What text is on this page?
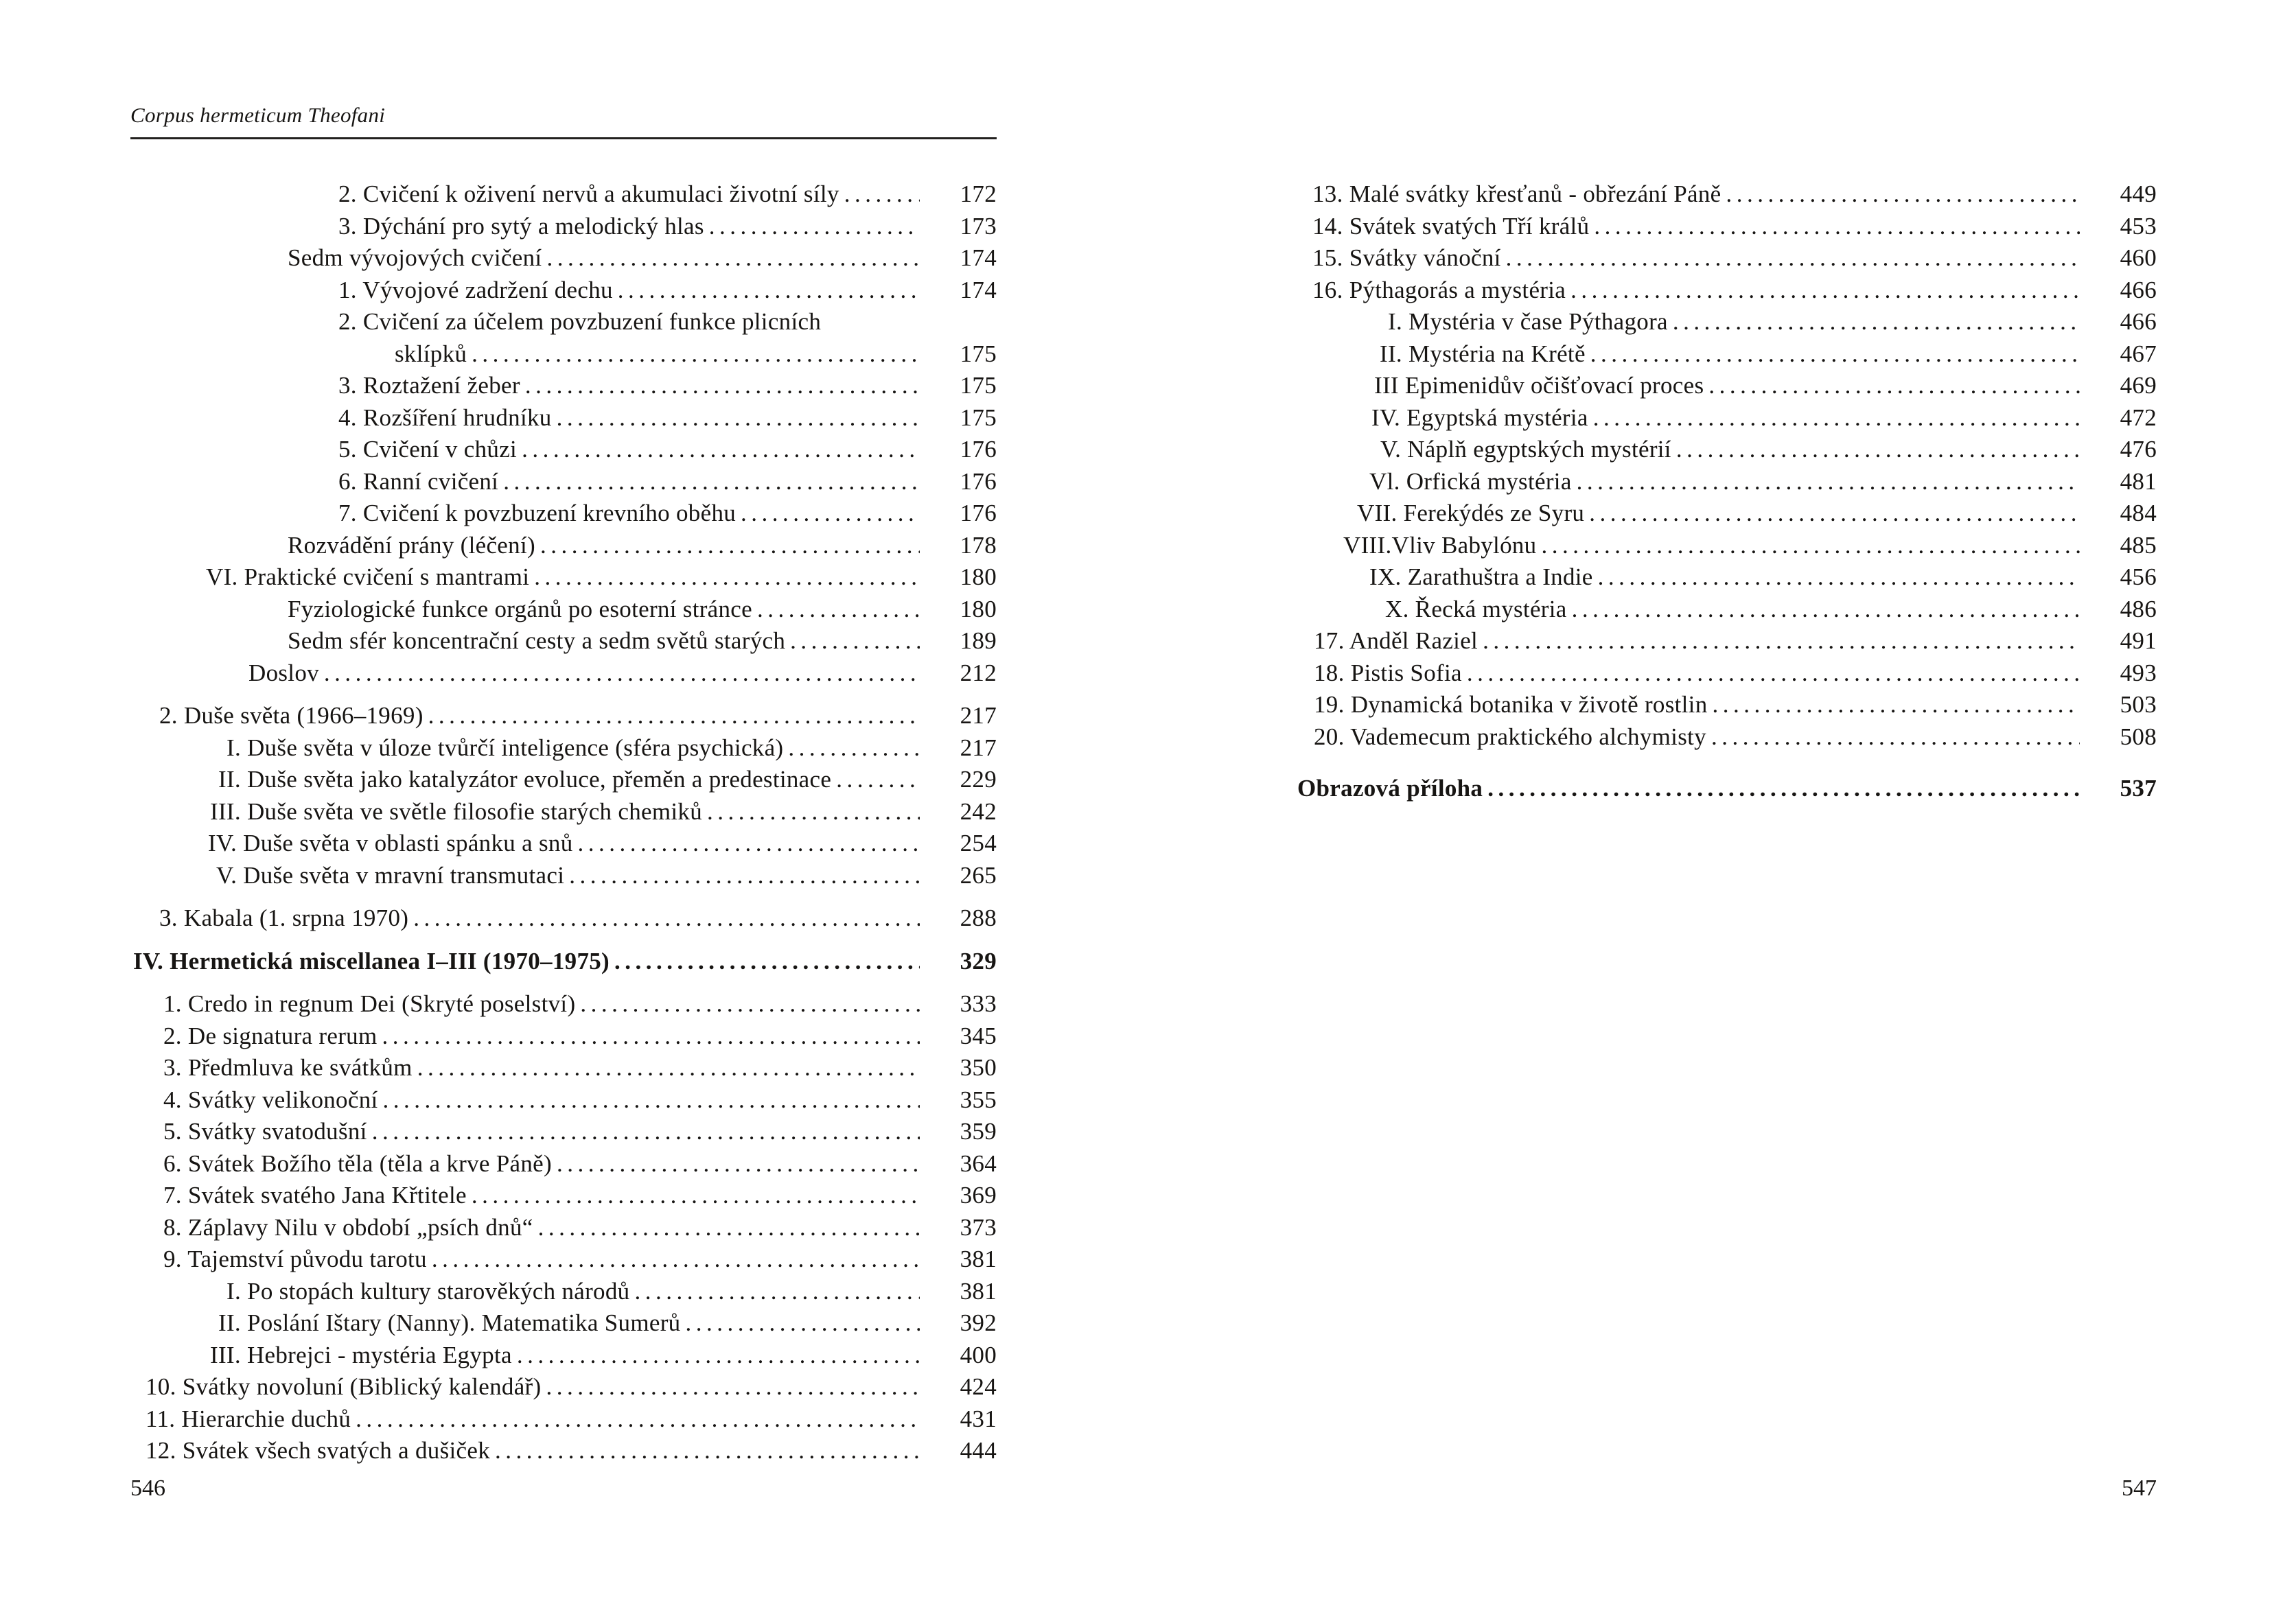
Corpus hermeticum Theofani
2. Cvičení k oživení nervů a akumulaci životní síly .....	172
3. Dýchání pro sytý a melodický hlas .....	173
Sedm vývojových cvičení .....	174
1. Vývojové zadržení dechu .....	174
2. Cvičení za účelem povzbuzení funkce plicních
sklípků .....	175
3. Roztažení žeber .....	175
4. Rozšíření hrudníku .....	175
5. Cvičení v chůzi .....	176
6. Ranní cvičení .....	176
7. Cvičení k povzbuzení krevního oběhu .....	176
Rozvádění prány (léčení) .....	178
VI. Praktické cvičení s mantrami .....	180
Fyziologické funkce orgánů po esoterní stránce .....	180
Sedm sfér koncentrační cesty a sedm světů starých .....	189
Doslov .....	212
2. Duše světa (1966–1969) .....	217
I. Duše světa v úloze tvůrčí inteligence (sféra psychická) .....	217
II. Duše světa jako katalyzátor evoluce, přeměn a predestinace .....	229
III. Duše světa ve světle filosofie starých chemiků .....	242
IV. Duše světa v oblasti spánku a snů .....	254
V. Duše světa v mravní transmutaci .....	265
3. Kabala (1. srpna 1970) .....	288
IV. Hermetická miscellanea I–III (1970–1975) .....	329
1. Credo in regnum Dei (Skryté poselství) .....	333
2. De signatura rerum .....	345
3. Předmluva ke svátkům .....	350
4. Svátky velikonoční .....	355
5. Svátky svatodušní .....	359
6. Svátek Božího těla (těla a krve Páně) .....	364
7. Svátek svatého Jana Křtitele .....	369
8. Záplavy Nilu v období „psích dnů“ .....	373
9. Tajemství původu tarotu .....	381
I. Po stopách kultury starověkých národů .....	381
II. Poslání Ištary (Nanny). Matematika Sumerů .....	392
III. Hebrejci - mystéria Egypta .....	400
10. Svátky novoluní (Biblický kalendář) .....	424
11. Hierarchie duchů .....	431
12. Svátek všech svatých a dušiček .....	444
13. Malé svátky křesťanů - obřezání Páně .....	449
14. Svátek svatých Tří králů .....	453
15. Svátky vánoční .....	460
16. Pýthagorás a mystéria .....	466
I. Mystéria v čase Pýthagora .....	466
II. Mystéria na Krétě .....	467
III Epimenidův očišťovací proces .....	469
IV. Egyptská mystéria .....	472
V. Náplň egyptských mystérií .....	476
Vl. Orfická mystéria .....	481
VII. Ferekýdés ze Syru .....	484
VIII.Vliv Babylónu .....	485
IX. Zarathuštra a Indie .....	456
X. Řecká mystéria .....	486
17. Anděl Raziel .....	491
18. Pistis Sofia .....	493
19. Dynamická botanika v životě rostlin .....	503
20. Vademecum praktického alchymisty .....	508
Obrazová příloha .....	537
546	547
